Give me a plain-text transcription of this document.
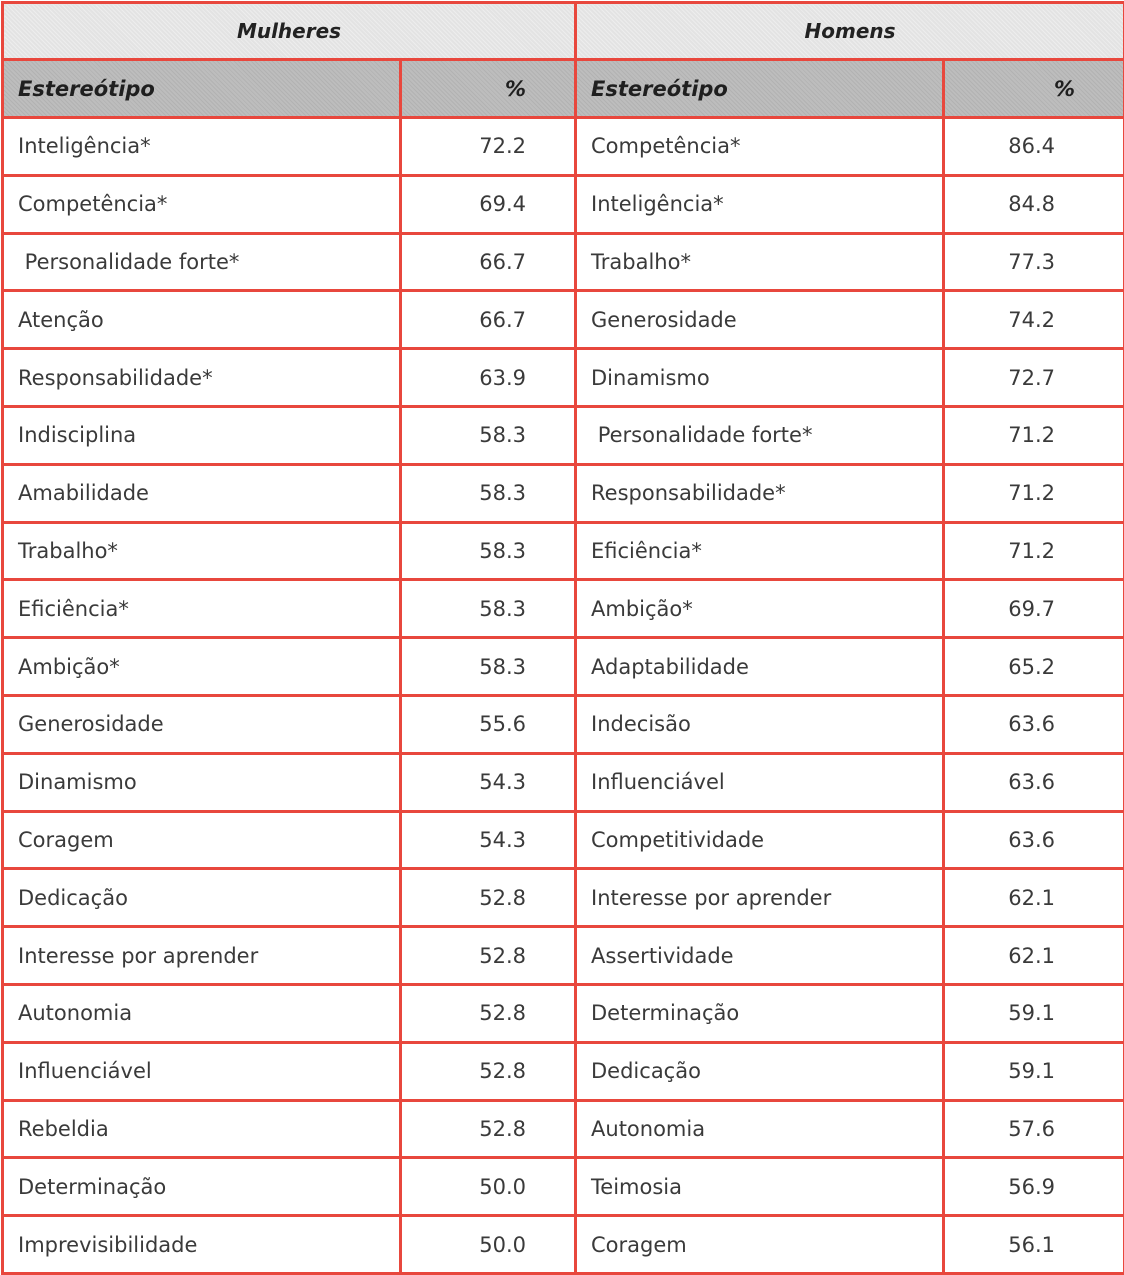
Mulheres		Homens	
Estereótipo	%	Estereótipo	%
Inteligência*	72.2	Competência*	86.4
Competência*	69.4	Inteligência*	84.8
Personalidade forte*	66.7	Trabalho*	77.3
Atenção	66.7	Generosidade	74.2
Responsabilidade*	63.9	Dinamismo	72.7
Indisciplina	58.3	Personalidade forte*	71.2
Amabilidade	58.3	Responsabilidade*	71.2
Trabalho*	58.3	Eficiência*	71.2
Eficiência*	58.3	Ambição*	69.7
Ambição*	58.3	Adaptabilidade	65.2
Generosidade	55.6	Indecisão	63.6
Dinamismo	54.3	Influenciável	63.6
Coragem	54.3	Competitividade	63.6
Dedicação	52.8	Interesse por aprender	62.1
Interesse por aprender	52.8	Assertividade	62.1
Autonomia	52.8	Determinação	59.1
Influenciável	52.8	Dedicação	59.1
Rebeldia	52.8	Autonomia	57.6
Determinação	50.0	Teimosia	56.9
Imprevisibilidade	50.0	Coragem	56.1
